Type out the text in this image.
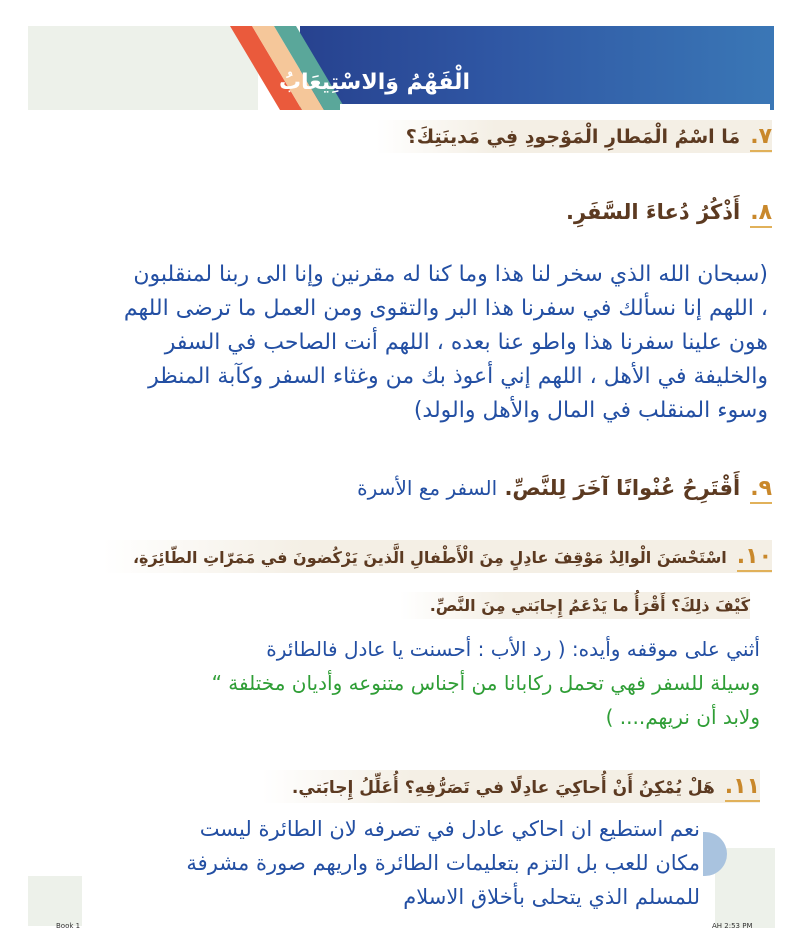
الْفَهْمُ وَالاسْتِيعَابُ
٧.مَا اسْمُ الْمَطارِ الْمَوْجودِ فِي مَدينَتِكَ؟
٨.أَذْكُرُ دُعاءَ السَّفَرِ.
(سبحان الله الذي سخر لنا هذا وما كنا له مقرنين وإنا الى ربنا لمنقلبون
، اللهم إنا نسألك في سفرنا هذا البر والتقوى ومن العمل ما ترضى اللهم
هون علينا سفرنا هذا واطو عنا بعده ، اللهم أنت الصاحب في السفر
والخليفة في الأهل ، اللهم إني أعوذ بك من وغثاء السفر وكآبة المنظر
وسوء المنقلب في المال والأهل والولد)
٩.أَقْتَرِحُ عُنْوانًا آخَرَ لِلنَّصِّ. السفر مع الأسرة
١٠.اسْتَحْسَنَ الْوالِدُ مَوْقِفَ عادِلٍ مِنَ الْأَطْفالِ الَّذينَ يَرْكُضونَ في مَمَرّاتِ الطّائِرَةِ،
كَيْفَ ذلِكَ؟ أَقْرَأُ ما يَدْعَمُ إِجابَتي مِنَ النَّصِّ.
أثني على موقفه وأيده: ( رد الأب : أحسنت يا عادل فالطائرة
وسيلة للسفر فهي تحمل ركابانا من أجناس متنوعه وأديان مختلفة “
ولابد أن نريهم.... )
١١.هَلْ يُمْكِنُ أَنْ أُحاكِيَ عادِلًا في تَصَرُّفِهِ؟ أُعَلِّلُ إِجابَتي.
نعم استطيع ان احاكي عادل في تصرفه لان الطائرة ليست
مكان للعب بل التزم بتعليمات الطائرة واريهم صورة مشرفة
للمسلم الذي يتحلى بأخلاق الاسلام
Book 1	AH 2:53 PM
